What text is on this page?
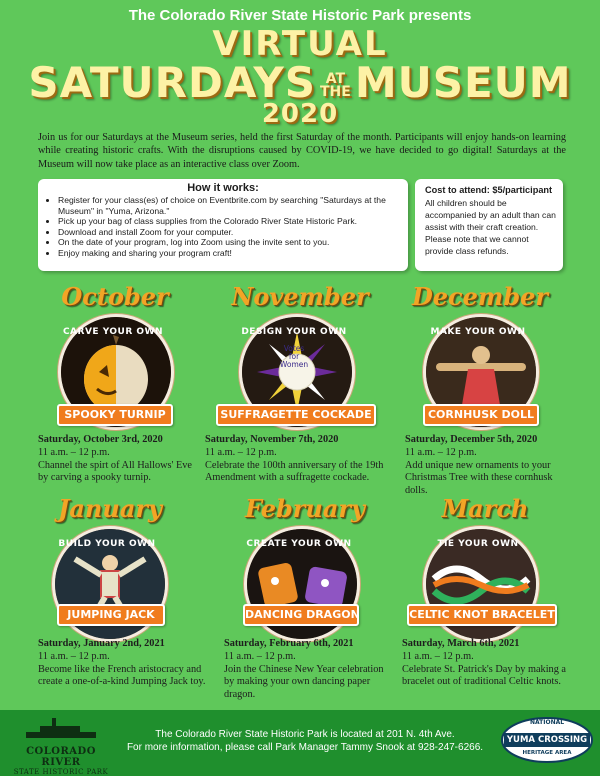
The Colorado River State Historic Park presents
VIRTUAL
SATURDAYS AT
THEMUSEUM
2020
Join us for our Saturdays at the Museum series, held the first Saturday of the month. Participants will enjoy hands-on learning while creating historic crafts. With the disruptions caused by COVID-19, we have decided to go digital! Saturdays at the Museum will now take place as an interactive class over Zoom.
How it works:
• Register for your class(es) of choice on Eventbrite.com by searching "Saturdays at the Museum" in "Yuma, Arizona."
• Pick up your bag of class supplies from the Colorado River State Historic Park.
• Download and install Zoom for your computer.
• On the date of your program, log into Zoom using the invite sent to you.
• Enjoy making and sharing your program craft!
Cost to attend: $5/participant
All children should be accompanied by an adult than can assist with their craft creation. Please note that we cannot provide class refunds.
October
CARVE YOUR OWN
SPOOKY TURNIP
November
Votes
for
Women
DESIGN YOUR OWN
SUFFRAGETTE COCKADE
December
MAKE YOUR OWN
CORNHUSK DOLL
Saturday, October 3rd, 2020
11 a.m. – 12 p.m.
Channel the spirt of All Hallows' Eve by carving a spooky turnip.
Saturday, November 7th, 2020
11 a.m. – 12 p.m.
Celebrate the 100th anniversary of the 19th Amendment with a suffragette cockade.
Saturday, December 5th, 2020
11 a.m. – 12 p.m.
Add unique new ornaments to your Christmas Tree with these cornhusk dolls.
January
BUILD YOUR OWN
JUMPING JACK
February
CREATE YOUR OWN
DANCING DRAGON
March
TIE YOUR OWN
CELTIC KNOT BRACELET
Saturday, January 2nd, 2021
11 a.m. – 12 p.m.
Become like the French aristocracy and create a one-of-a-kind Jumping Jack toy.
Saturday, February 6th, 2021
11 a.m. – 12 p.m.
Join the Chinese New Year celebration by making your own dancing paper dragon.
Saturday, March 6th, 2021
11 a.m. – 12 p.m.
Celebrate St. Patrick's Day by making a bracelet out of traditional Celtic knots.
COLORADO RIVER
STATE HISTORIC PARK
The Colorado River State Historic Park is located at 201 N. 4th Ave.
For more information, please call Park Manager Tammy Snook at 928-247-6266.
NATIONAL
YUMA CROSSING
HERITAGE AREA
